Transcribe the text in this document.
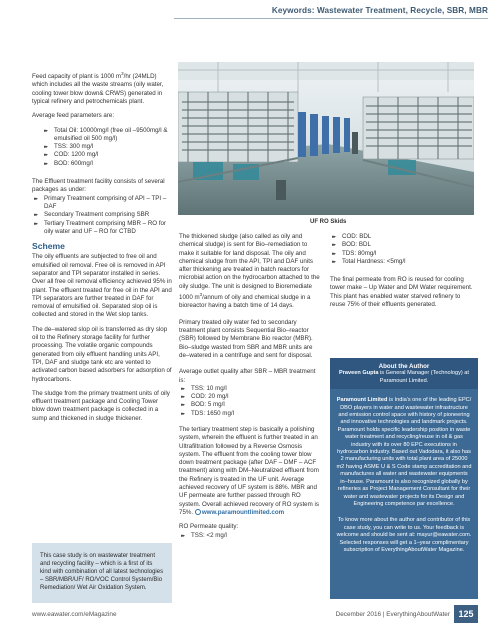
Keywords: Wastewater Treatment, Recycle, SBR, MBR

Feed capacity of plant is 1000 $m^3/hr$ (24MLD) which includes all the waste streams (oily water, cooling tower blow down& CRWS) generated in typical refinery and petrochemicals plant.

Average feed parameters are:

▸▸ Total Oil: 10000mg/l (free oil –9500mg/l & emulsified oil 500 mg/l)
▸▸ TSS: 300 mg/l
▸▸ COD: 1200 mg/l
▸▸ BOD: 600mg/l

The Effluent treatment facility consists of several packages as under:

▸▸ Primary Treatment comprising of API – TPI – DAF
▸▸ Secondary Treatment comprising SBR
▸▸ Tertiary Treatment comprising MBR – RO for oily water and UF – RO for CTBD
Scheme

The oily effluents are subjected to free oil and emulsified oil removal. Free oil is removed in API separator and TPI separator installed in series. Over all free oil removal efficiency achieved 95% in plant. The effluent treated for free oil in the API and TPI separators are further treated in DAF for removal of emulsified oil. Separated slop oil is collected and stored in the Wet slop tanks.

The de–watered slop oil is transferred as dry slop oil to the Refinery storage facility for further processing. The volatile organic compounds generated from oily effluent handling units API, TPI, DAF and sludge tank etc are vented to activated carbon based adsorbers for adsorption of hydrocarbons.

The sludge from the primary treatment units of oily effluent treatment package and Cooling Tower blow down treatment package is collected in a sump and thickened in sludge thickener.

This case study is on wastewater treatment and recycling facility – which is a first of its kind with combination of all latest technologies – SBR/MBR/UF/ RO/VOC Control System/Bio Remediation/ Wet Air Oxidation System.
UF RO Skids

The thickened sludge (also called as oily and chemical sludge) is sent for Bio–remediation to make it suitable for land disposal. The oily and chemical sludge from the API, TPI and DAF units after thickening are treated in batch reactors for microbial action on the hydrocarbon attached to the oily sludge. The unit is designed to Bioremediate 1000 $m^3$/annum of oily and chemical sludge in a bioreactor having a batch time of 14 days.

Primary treated oily water fed to secondary treatment plant consists Sequential Bio–reactor (SBR) followed by Membrane Bio reactor (MBR). Bio–sludge wasted from SBR and MBR units are de–watered in a centrifuge and sent for disposal.

Average outlet quality after SBR – MBR treatment is:

▸▸ TSS: 10 mg/l
▸▸ COD: 20 mg/l
▸▸ BOD: 5 mg/l
▸▸ TDS: 1650 mg/l

The tertiary treatment step is basically a polishing system, wherein the effluent is further treated in an Ultrafiltration followed by a Reverse Osmosis system. The effluent from the cooling tower blow down treatment package (after DAF – DMF – ACF treatment) along with DM–Neutralized effluent from the Refinery is treated in the UF unit. Average achieved recovery of UF system is 88%. MBR and UF permeate are further passed through RO system. Overall achieved recovery of RO system is 75%. www.paramountlimited.com

RO Permeate quality:

▸▸ TSS: <2 mg/l
▸▸ COD: BDL
▸▸ BOD: BDL
▸▸ TDS: 80mg/l
▸▸ Total Hardness: <5mg/l

The final permeate from RO is reused for cooling tower make – Up Water and DM Water requirement. This plant has enabled water starved refinery to reuse 75% of their effluents generated.

About the Author
Praveen Gupta is General Manager (Technology) at Paramount Limited.

Paramount Limited is India’s one of the leading EPC/ DBO players in water and wastewater infrastructure and emission control space with history of pioneering and innovative technologies and landmark projects. Paramount holds specific leadership position in waste water treatment and recycling/reuse in oil & gas industry with its over 80 EPC executions in hydrocarbon industry. Based out Vadodara, it also has 2 manufacturing units with total plant area of 25000 m2 having ASME U & S Code stamp accreditation and manufactures all water and wastewater equipments in–house. Paramount is also recognized globally by refineries as Project Management Consultant for their water and wastewater projects for its Design and Engineering competence par excellence.

To know more about the author and contributor of this case study, you can write to us. Your feedback is welcome and should be sent at: mayur@eawater.com. Selected responses will get a 1–year complimentary subscription of EverythingAboutWater Magazine.

www.eawater.com/eMagazine	December 2016 | EverythingAboutWater 125
